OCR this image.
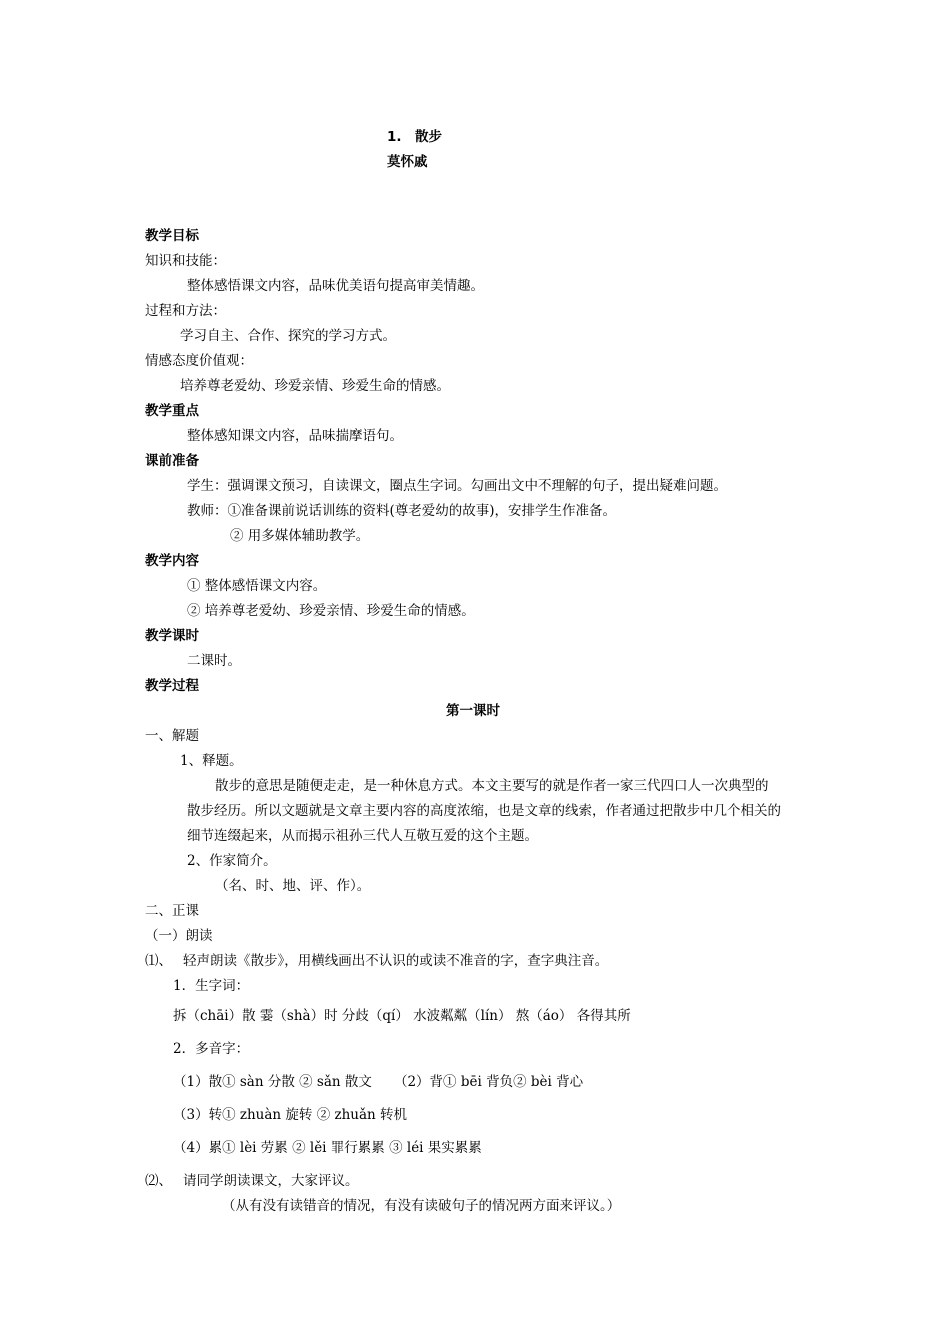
1.　散步
莫怀戚
教学目标
知识和技能：
整体感悟课文内容，品味优美语句提高审美情趣。
过程和方法：
学习自主、合作、探究的学习方式。
情感态度价值观：
培养尊老爱幼、珍爱亲情、珍爱生命的情感。
教学重点
整体感知课文内容，品味揣摩语句。
课前准备
学生：强调课文预习，自读课文，圈点生字词。勾画出文中不理解的句子，提出疑难问题。
教师：①准备课前说话训练的资料(尊老爱幼的故事)，安排学生作准备。
② 用多媒体辅助教学。
教学内容
① 整体感悟课文内容。
② 培养尊老爱幼、珍爱亲情、珍爱生命的情感。
教学课时
二课时。
教学过程
第一课时
一、解题
1、释题。
散步的意思是随便走走，是一种休息方式。本文主要写的就是作者一家三代四口人一次典型的
散步经历。所以文题就是文章主要内容的高度浓缩，也是文章的线索，作者通过把散步中几个相关的
细节连缀起来，从而揭示祖孙三代人互敬互爱的这个主题。
2、作家简介。
（名、时、地、评、作）。
二、正课
（一）朗读
⑴、　 轻声朗读《散步》，用横线画出不认识的或读不准音的字，查字典注音。
1．生字词：
拆（chāi）散 霎（shà）时 分歧（qí） 水波粼粼（lín） 熬（áo） 各得其所
2．多音字：
（1）散① sàn 分散 ② sǎn 散文 　 （2）背① bēi 背负② bèi 背心
（3）转① zhuàn 旋转 ② zhuǎn 转机
（4）累① lèi 劳累 ② lěi 罪行累累 ③ léi 果实累累
⑵、　 请同学朗读课文，大家评议。
（从有没有读错音的情况，有没有读破句子的情况两方面来评议。）
